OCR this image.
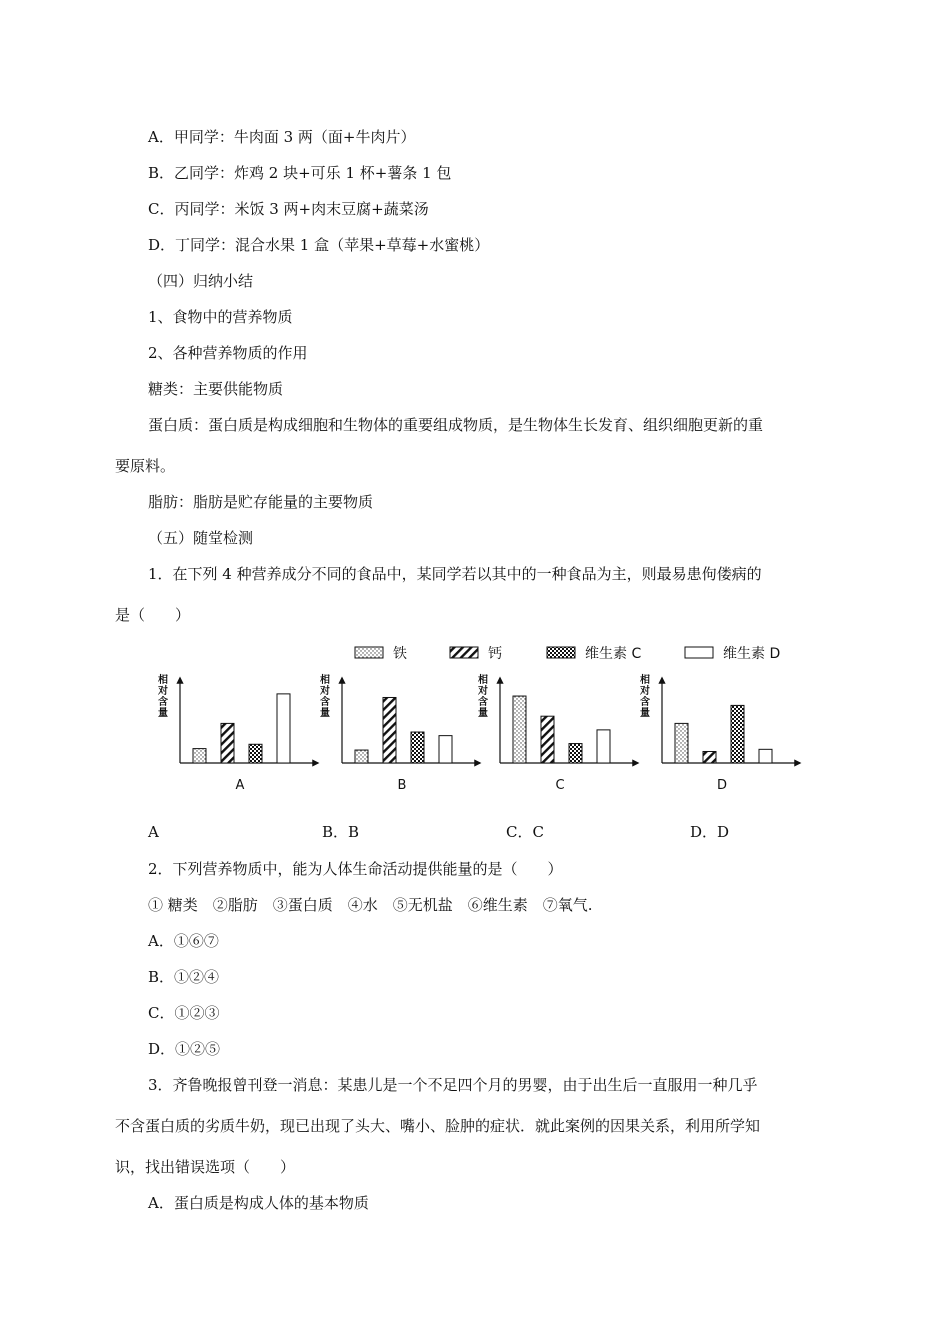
A．甲同学：牛肉面 3 两（面+牛肉片）
B．乙同学：炸鸡 2 块+可乐 1 杯+薯条 1 包
C．丙同学：米饭 3 两+肉末豆腐+蔬菜汤
D．丁同学：混合水果 1 盒（苹果+草莓+水蜜桃）
（四）归纳小结
1、食物中的营养物质
2、各种营养物质的作用
糖类：主要供能物质
蛋白质：蛋白质是构成细胞和生物体的重要组成物质，是生物体生长发育、组织细胞更新的重
要原料。
脂肪：脂肪是贮存能量的主要物质
（五）随堂检测
1．在下列 4 种营养成分不同的食品中，某同学若以其中的一种食品为主，则最易患佝偻病的
是（　　）
铁	钙	维生素 C	维生素 D
相
对
含
量
A
相
对
含
量
B
相
对
含
量
C
相
对
含
量
D
A	B．B	C．C	D．D
2．下列营养物质中，能为人体生命活动提供能量的是（　　）
① 糖类　②脂肪　③蛋白质　④水　⑤无机盐　⑥维生素　⑦氧气.
A．①⑥⑦
B．①②④
C．①②③
D．①②⑤
3．齐鲁晚报曾刊登一消息：某患儿是一个不足四个月的男婴，由于出生后一直服用一种几乎
不含蛋白质的劣质牛奶，现已出现了头大、嘴小、脸肿的症状．就此案例的因果关系，利用所学知
识，找出错误选项（　　）
A．蛋白质是构成人体的基本物质
